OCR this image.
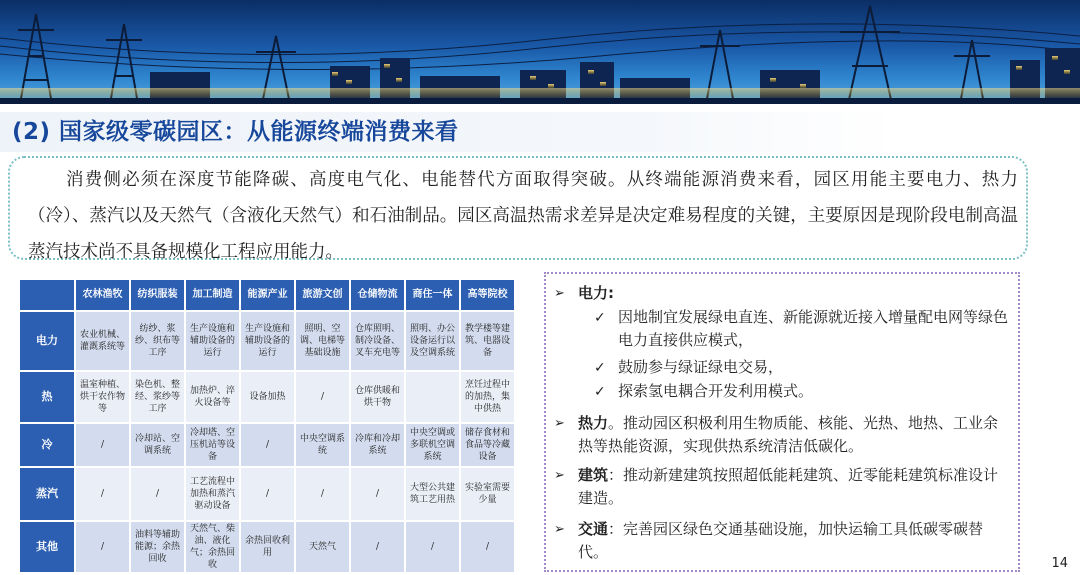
(2) 国家级零碳园区：从能源终端消费来看
消费侧必须在深度节能降碳、高度电气化、电能替代方面取得突破。从终端能源消费来看，园区用能主要电力、热力（冷）、蒸汽以及天然气（含液化天然气）和石油制品。园区高温热需求差异是决定难易程度的关键，主要原因是现阶段电制高温蒸汽技术尚不具备规模化工程应用能力。
	农林渔牧	纺织服装	加工制造	能源产业	旅游文创	仓储物流	商住一体	高等院校
电力	农业机械、灌溉系统等	纺纱、浆纱、织布等工序	生产设施和辅助设备的运行	生产设施和辅助设备的运行	照明、空调、电梯等基础设施	仓库照明、制冷设备、叉车充电等	照明、办公设备运行以及空调系统	教学楼等建筑、电器设备
热	温室种植、烘干农作物等	染色机、整经、浆纱等工序	加热炉、淬火设备等	设备加热	/	仓库供暖和烘干物		烹饪过程中的加热，集中供热
冷	/	冷却站、空调系统	冷却塔、空压机站等设备	/	中央空调系统	冷库和冷却系统	中央空调或多联机空调系统	储存食材和食品等冷藏设备
蒸汽	/	/	工艺流程中加热和蒸汽驱动设备	/	/	/	大型公共建筑工艺用热	实验室需要少量
其他	/	油料等辅助能源；余热回收	天然气、柴油、液化气；余热回收	余热回收利用	天然气	/	/	/
➢ 电力:
✓ 因地制宜发展绿电直连、新能源就近接入增量配电网等绿色电力直接供应模式，
✓ 鼓励参与绿证绿电交易，
✓ 探索氢电耦合开发利用模式。
➢ 热力。推动园区积极利用生物质能、核能、光热、地热、工业余热等热能资源，实现供热系统清洁低碳化。
➢ 建筑：推动新建建筑按照超低能耗建筑、近零能耗建筑标准设计建造。
➢ 交通：完善园区绿色交通基础设施，加快运输工具低碳零碳替代。
14
